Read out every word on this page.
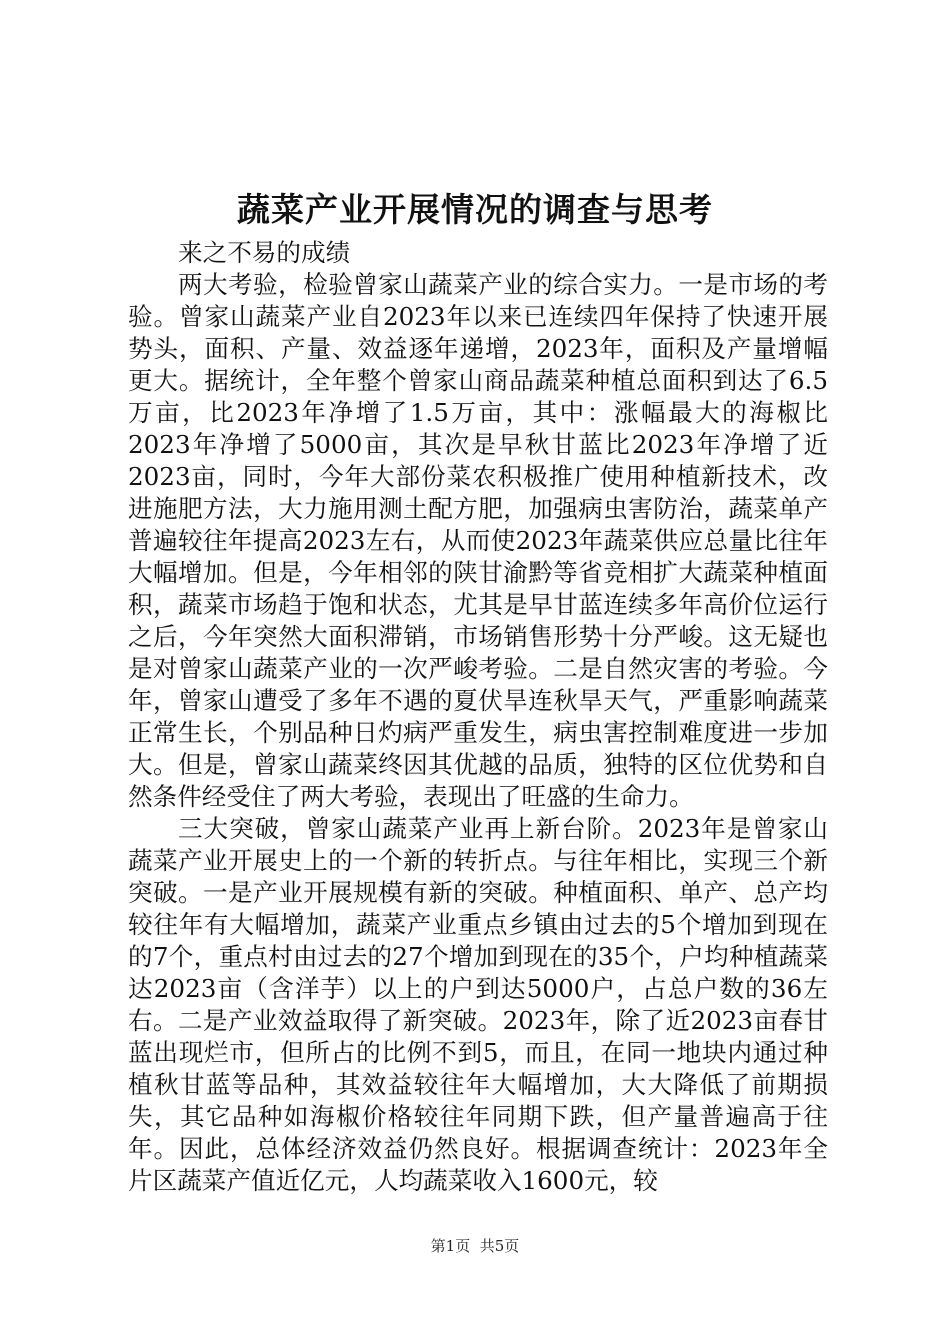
蔬菜产业开展情况的调查与思考

来之不易的成绩

两大考验，检验曾家山蔬菜产业的综合实力。一是市场的考验。曾家山蔬菜产业自2023年以来已连续四年保持了快速开展势头，面积、产量、效益逐年递增，2023年，面积及产量增幅更大。据统计，全年整个曾家山商品蔬菜种植总面积到达了6.5万亩，比2023年净增了1.5万亩，其中：涨幅最大的海椒比2023年净增了5000亩，其次是早秋甘蓝比2023年净增了近2023亩，同时，今年大部份菜农积极推广使用种植新技术，改进施肥方法，大力施用测土配方肥，加强病虫害防治，蔬菜单产普遍较往年提高2023左右，从而使2023年蔬菜供应总量比往年大幅增加。但是，今年相邻的陕甘渝黔等省竞相扩大蔬菜种植面积，蔬菜市场趋于饱和状态，尤其是早甘蓝连续多年高价位运行之后，今年突然大面积滞销，市场销售形势十分严峻。这无疑也是对曾家山蔬菜产业的一次严峻考验。二是自然灾害的考验。今年，曾家山遭受了多年不遇的夏伏旱连秋旱天气，严重影响蔬菜正常生长，个别品种日灼病严重发生，病虫害控制难度进一步加大。但是，曾家山蔬菜终因其优越的品质，独特的区位优势和自然条件经受住了两大考验，表现出了旺盛的生命力。

三大突破，曾家山蔬菜产业再上新台阶。2023年是曾家山蔬菜产业开展史上的一个新的转折点。与往年相比，实现三个新突破。一是产业开展规模有新的突破。种植面积、单产、总产均较往年有大幅增加，蔬菜产业重点乡镇由过去的5个增加到现在的7个，重点村由过去的27个增加到现在的35个，户均种植蔬菜达2023亩（含洋芋）以上的户到达5000户，占总户数的36左右。二是产业效益取得了新突破。2023年，除了近2023亩春甘蓝出现烂市，但所占的比例不到5，而且，在同一地块内通过种植秋甘蓝等品种，其效益较往年大幅增加，大大降低了前期损失，其它品种如海椒价格较往年同期下跌，但产量普遍高于往年。因此，总体经济效益仍然良好。根据调查统计：2023年全片区蔬菜产值近亿元，人均蔬菜收入1600元，较

第1页 共5页
